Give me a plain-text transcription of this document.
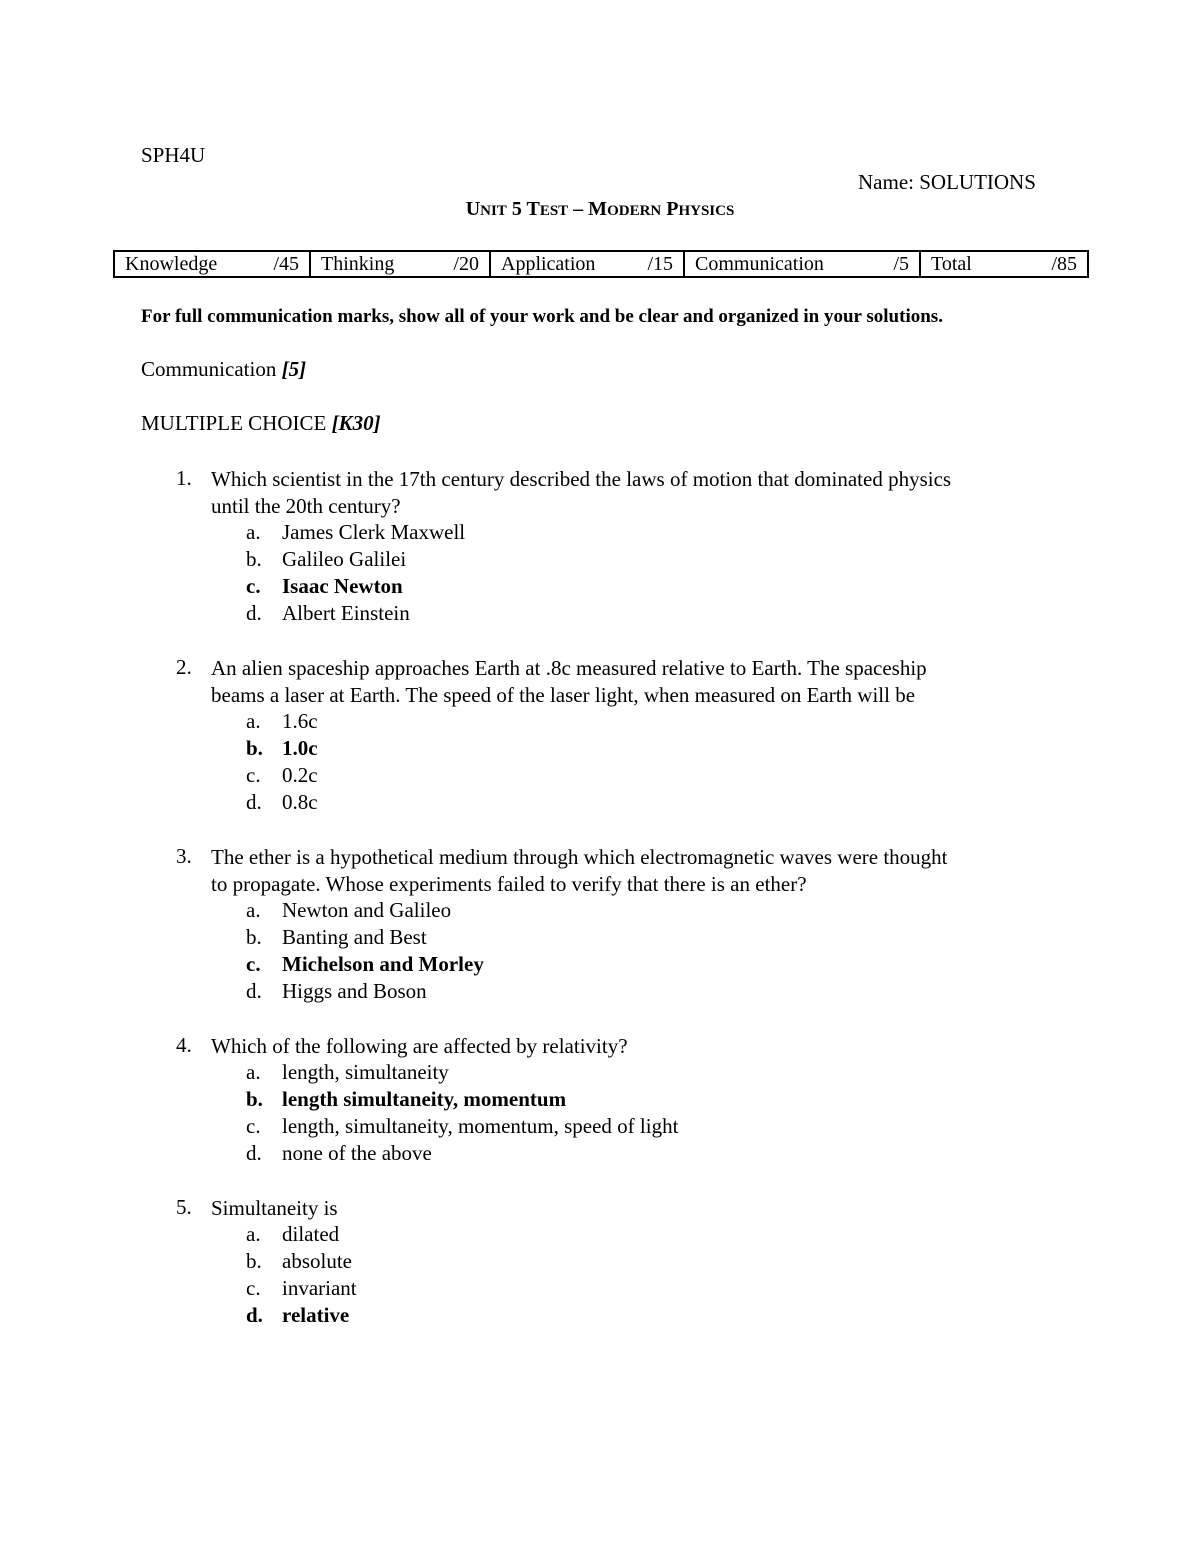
SPH4U
Name: SOLUTIONS
UNIT 5 TEST – MODERN PHYSICS
Knowledge	/45	Thinking	/20	Application	/15	Communication	/5	Total	/85
For full communication marks, show all of your work and be clear and organized in your solutions.
Communication [5]
MULTIPLE CHOICE [K30]
1. Which scientist in the 17th century described the laws of motion that dominated physics
until the 20th century?
a. James Clerk Maxwell
b. Galileo Galilei
c. Isaac Newton
d. Albert Einstein
2. An alien spaceship approaches Earth at .8c measured relative to Earth. The spaceship
beams a laser at Earth. The speed of the laser light, when measured on Earth will be
a. 1.6c
b. 1.0c
c. 0.2c
d. 0.8c
3. The ether is a hypothetical medium through which electromagnetic waves were thought
to propagate. Whose experiments failed to verify that there is an ether?
a. Newton and Galileo
b. Banting and Best
c. Michelson and Morley
d. Higgs and Boson
4. Which of the following are affected by relativity?
a. length, simultaneity
b. length simultaneity, momentum
c. length, simultaneity, momentum, speed of light
d. none of the above
5. Simultaneity is
a. dilated
b. absolute
c. invariant
d. relative
